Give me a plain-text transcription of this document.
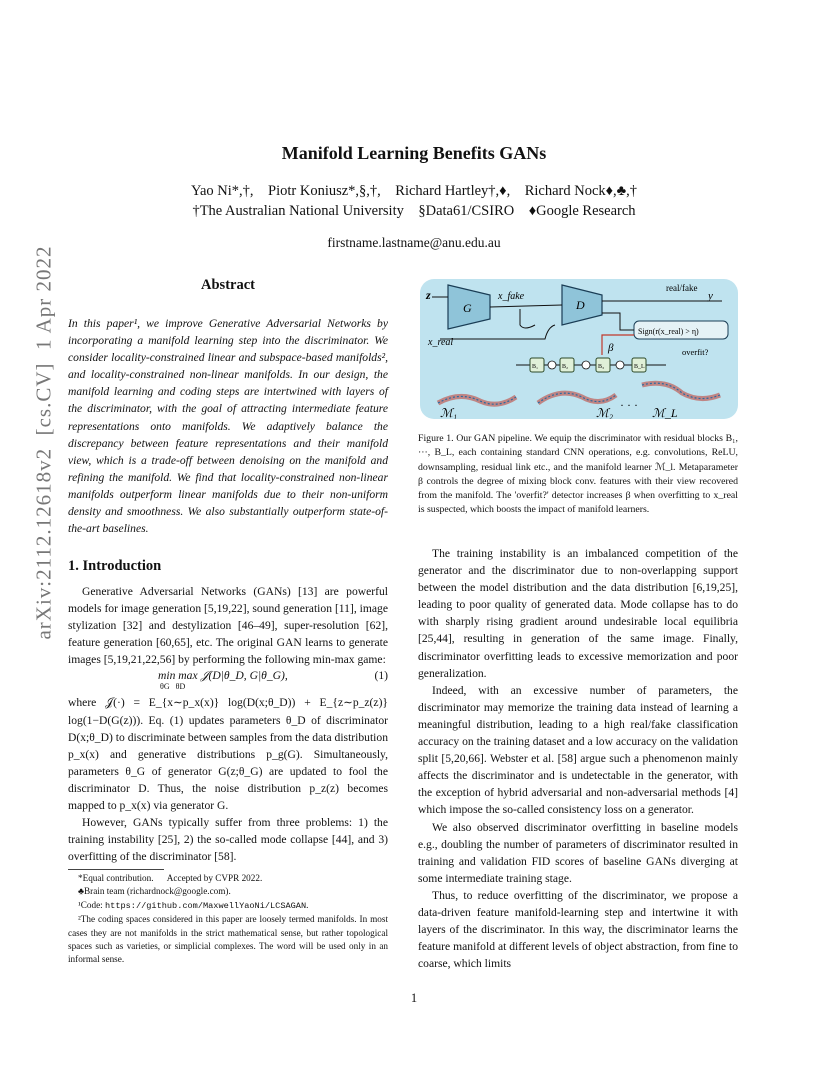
Manifold Learning Benefits GANs
Yao Ni*,†,    Piotr Koniusz*,§,†,    Richard Hartley†,♦,    Richard Nock♦,♣,†
†The Australian National University    §Data61/CSIRO    ♦Google Research
firstname.lastname@anu.edu.au
arXiv:2112.12618v2  [cs.CV]  1 Apr 2022	Abstract
In this paper¹, we improve Generative Adversarial Networks by incorporating a manifold learning step into the discriminator. We consider locality-constrained linear and subspace-based manifolds², and locality-constrained non-linear manifolds. In our design, the manifold learning and coding steps are intertwined with layers of the discriminator, with the goal of attracting intermediate feature representations onto manifolds. We adaptively balance the discrepancy between feature representations and their manifold view, which is a trade-off between denoising on the manifold and refining the manifold. We find that locality-constrained non-linear manifolds outperform linear manifolds due to their non-uniform density and smoothness. We also substantially outperform state-of-the-art baselines.
1. Introduction

Generative Adversarial Networks (GANs) [13] are powerful models for image generation [5,19,22], sound generation [11], image stylization [32] and destylization [46–49], super-resolution [62], feature generation [60,65], etc. The original GAN learns to generate images [5,19,21,22,56] by performing the following min-max game:

min max 𝒥(D|θ_D, G|θ_G),
θG   θD
(1)

where 𝒥(·) = E_{x∼p_x(x)} log(D(x;θ_D)) + E_{z∼p_z(z)} log(1−D(G(z))). Eq. (1) updates parameters θ_D of discriminator D(x;θ_D) to discriminate between samples from the data distribution p_x(x) and generative distributions p_g(G). Simultaneously, parameters θ_G of generator G(z;θ_G) are updated to fool the discriminator D. Thus, the noise distribution p_z(z) becomes mapped to p_x(x) via generator G.

However, GANs typically suffer from three problems: 1) the training instability [25], 2) the so-called mode collapse [44], and 3) overfitting of the discriminator [58].

*Equal contribution.      Accepted by CVPR 2022.

♣Brain team (richardnock@google.com).

¹Code: https://github.com/MaxwellYaoNi/LCSAGAN.

²The coding spaces considered in this paper are loosely termed manifolds. In most cases they are not manifolds in the strict mathematical sense, but rather topological spaces such as varieties, or simplicial complexes. The word will be used only in an informal sense.

z
G
x_fake
D
real/fake
y
x_real
Sign(r(x_real) > η)
β	overfit?
B₁	B₂	B₃	B_L
ℳ₁	ℳ₂
· · ·
ℳ_L
Figure 1. Our GAN pipeline. We equip the discriminator with residual blocks B₁, ···, B_L, each containing standard CNN operations, e.g. convolutions, ReLU, downsampling, residual link etc., and the manifold learner ℳ_l. Metaparameter β controls the degree of mixing block conv. features with their view recovered from the manifold. The 'overfit?' detector increases β when overfitting to x_real is suspected, which boosts the impact of manifold learners.

The training instability is an imbalanced competition of the generator and the discriminator due to non-overlapping support between the model distribution and the data distribution [6,19,25], leading to poor quality of generated data. Mode collapse has to do with sharply rising gradient around undesirable local equilibria [25,44], resulting in generation of the same image. Finally, discriminator overfitting leads to excessive memorization and poor generalization.

Indeed, with an excessive number of parameters, the discriminator may memorize the training data instead of learning a meaningful distribution, leading to a high real/fake classification accuracy on the training dataset and a low accuracy on the validation split [5,20,66]. Webster et al. [58] argue such a phenomenon mainly affects the discriminator and is undetectable in the generator, with the exception of hybrid adversarial and non-adversarial methods [4] which impose the so-called consistency loss on a generator.

We also observed discriminator overfitting in baseline models e.g., doubling the number of parameters of discriminator resulted in training and validation FID scores of baseline GANs diverging at some intermediate training stage.

Thus, to reduce overfitting of the discriminator, we propose a data-driven feature manifold-learning step and intertwine it with layers of the discriminator. In this way, the discriminator learns the feature manifold at different levels of object abstraction, from fine to coarse, which limits

1
